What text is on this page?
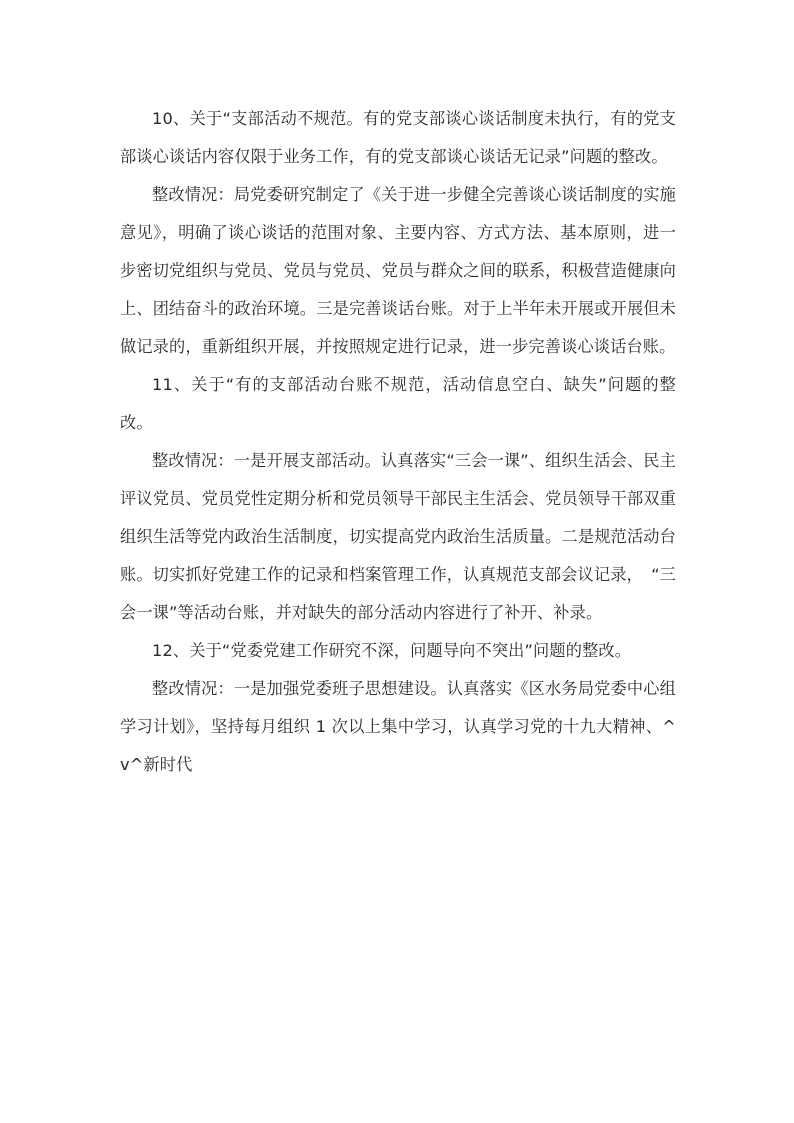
10、关于“支部活动不规范。有的党支部谈心谈话制度未执行，有的党支部谈心谈话内容仅限于业务工作，有的党支部谈心谈话无记录”问题的整改。

整改情况：局党委研究制定了《关于进一步健全完善谈心谈话制度的实施意见》，明确了谈心谈话的范围对象、主要内容、方式方法、基本原则，进一步密切党组织与党员、党员与党员、党员与群众之间的联系，积极营造健康向上、团结奋斗的政治环境。三是完善谈话台账。对于上半年未开展或开展但未做记录的，重新组织开展，并按照规定进行记录，进一步完善谈心谈话台账。

11、关于“有的支部活动台账不规范，活动信息空白、缺失”问题的整改。

整改情况：一是开展支部活动。认真落实“三会一课”、组织生活会、民主评议党员、党员党性定期分析和党员领导干部民主生活会、党员领导干部双重组织生活等党内政治生活制度，切实提高党内政治生活质量。二是规范活动台账。切实抓好党建工作的记录和档案管理工作，认真规范支部会议记录，　“三会一课”等活动台账，并对缺失的部分活动内容进行了补开、补录。

12、关于“党委党建工作研究不深，问题导向不突出”问题的整改。

整改情况：一是加强党委班子思想建设。认真落实《区水务局党委中心组学习计划》，坚持每月组织 1 次以上集中学习，认真学习党的十九大精神、^v^新时代
